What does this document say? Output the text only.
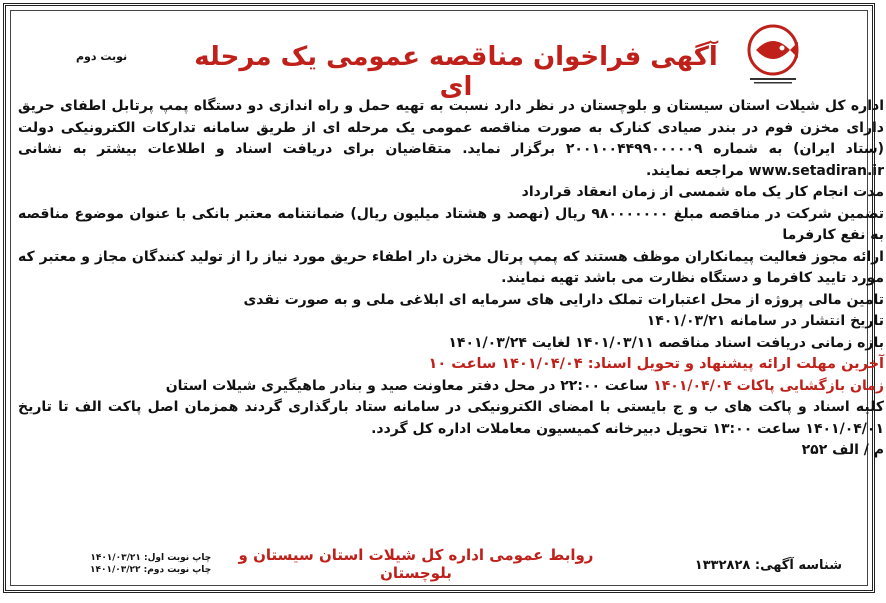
نوبت دوم	آگهی فراخوان مناقصه عمومی یک مرحله ای

اداره کل شیلات استان سیستان و بلوچستان در نظر دارد نسبت به تهیه حمل و راه اندازی دو دستگاه پمپ پرتابل اطفای حریق دارای مخزن فوم در بندر صیادی کنارک به صورت مناقصه عمومی یک مرحله ای از طریق سامانه تدارکات الکترونیکی دولت (ستاد ایران) به شماره ۲۰۰۱۰۰۴۴۹۹۰۰۰۰۰۹ برگزار نماید. متقاضیان برای دریافت اسناد و اطلاعات بیشتر به نشانی www.setadiran.ir مراجعه نمایند.

مدت انجام کار یک ماه شمسی از زمان انعقاد قرارداد

تضمین شرکت در مناقصه مبلغ ۹۸۰۰۰۰۰۰۰ ریال (نهصد و هشتاد میلیون ریال) ضمانتنامه معتبر بانکی با عنوان موضوع مناقصه به نفع کارفرما

ارائه مجوز فعالیت پیمانکاران موظف هستند که پمپ پرتال مخزن دار اطفاء حریق مورد نیاز را از تولید کنندگان مجاز و معتبر که مورد تایید کافرما و دستگاه نظارت می باشد تهیه نمایند.

تامین مالی پروژه از محل اعتبارات تملک دارایی های سرمایه ای ابلاغی ملی و به صورت نقدی

تاریخ انتشار در سامانه ۱۴۰۱/۰۳/۲۱

بازه زمانی دریافت اسناد مناقصه ۱۴۰۱/۰۳/۱۱ لغایت ۱۴۰۱/۰۳/۲۴

آخرین مهلت ارائه پیشنهاد و تحویل اسناد: ۱۴۰۱/۰۴/۰۴ ساعت ۱۰

زمان بازگشایی پاکات ۱۴۰۱/۰۴/۰۴ ساعت ۲۲:۰۰ در محل دفتر معاونت صید و بنادر ماهیگیری شیلات استان

کلیه اسناد و پاکت های ب و ج بایستی با امضای الکترونیکی در سامانه ستاد بارگذاری گردند همزمان اصل پاکت الف تا تاریخ ۱۴۰۱/۰۴/۰۱ ساعت ۱۳:۰۰ تحویل دبیرخانه کمیسیون معاملات اداره کل گردد.

م / الف ۲۵۲

روابط عمومی اداره کل شیلات استان سیستان و بلوچستان
چاپ نوبت اول: ۱۴۰۱/۰۳/۲۱
چاپ نوبت دوم: ۱۴۰۱/۰۳/۲۲	شناسه آگهی: ۱۳۳۲۸۲۸
